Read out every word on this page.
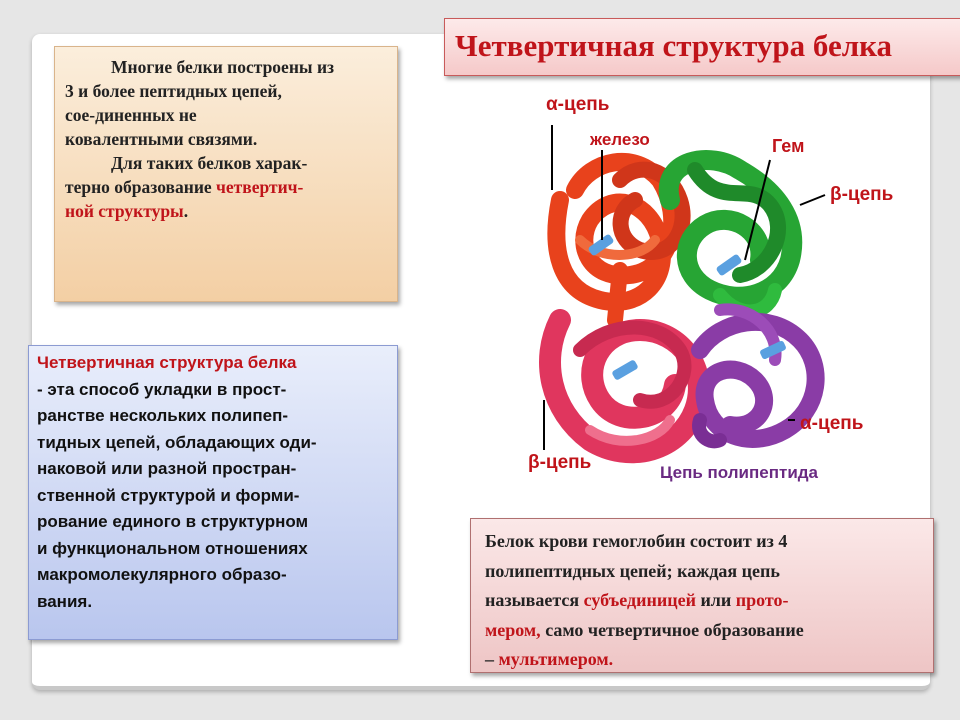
Четвертичная структура белка
Многие белки построены из
3 и более пептидных цепей,
сое-диненных не
ковалентными связями.
Для таких белков харак-
терно образование четвертич-
ной структуры.
Четвертичная структура белка
- эта способ укладки в прост-
ранстве нескольких полипеп-
тидных цепей, обладающих оди-
наковой или разной простран-
ственной структурой и форми-
рование единого в структурном
и функциональном отношениях
макромолекулярного образо-
вания.
α-цепь
железо	Гем
β-цепь
α-цепь
β-цепь	Цепь полипептида
Белок крови гемоглобин состоит из 4
полипептидных цепей; каждая цепь
называется субъединицей или прото-
мером, само четвертичное образование
– мультимером.
